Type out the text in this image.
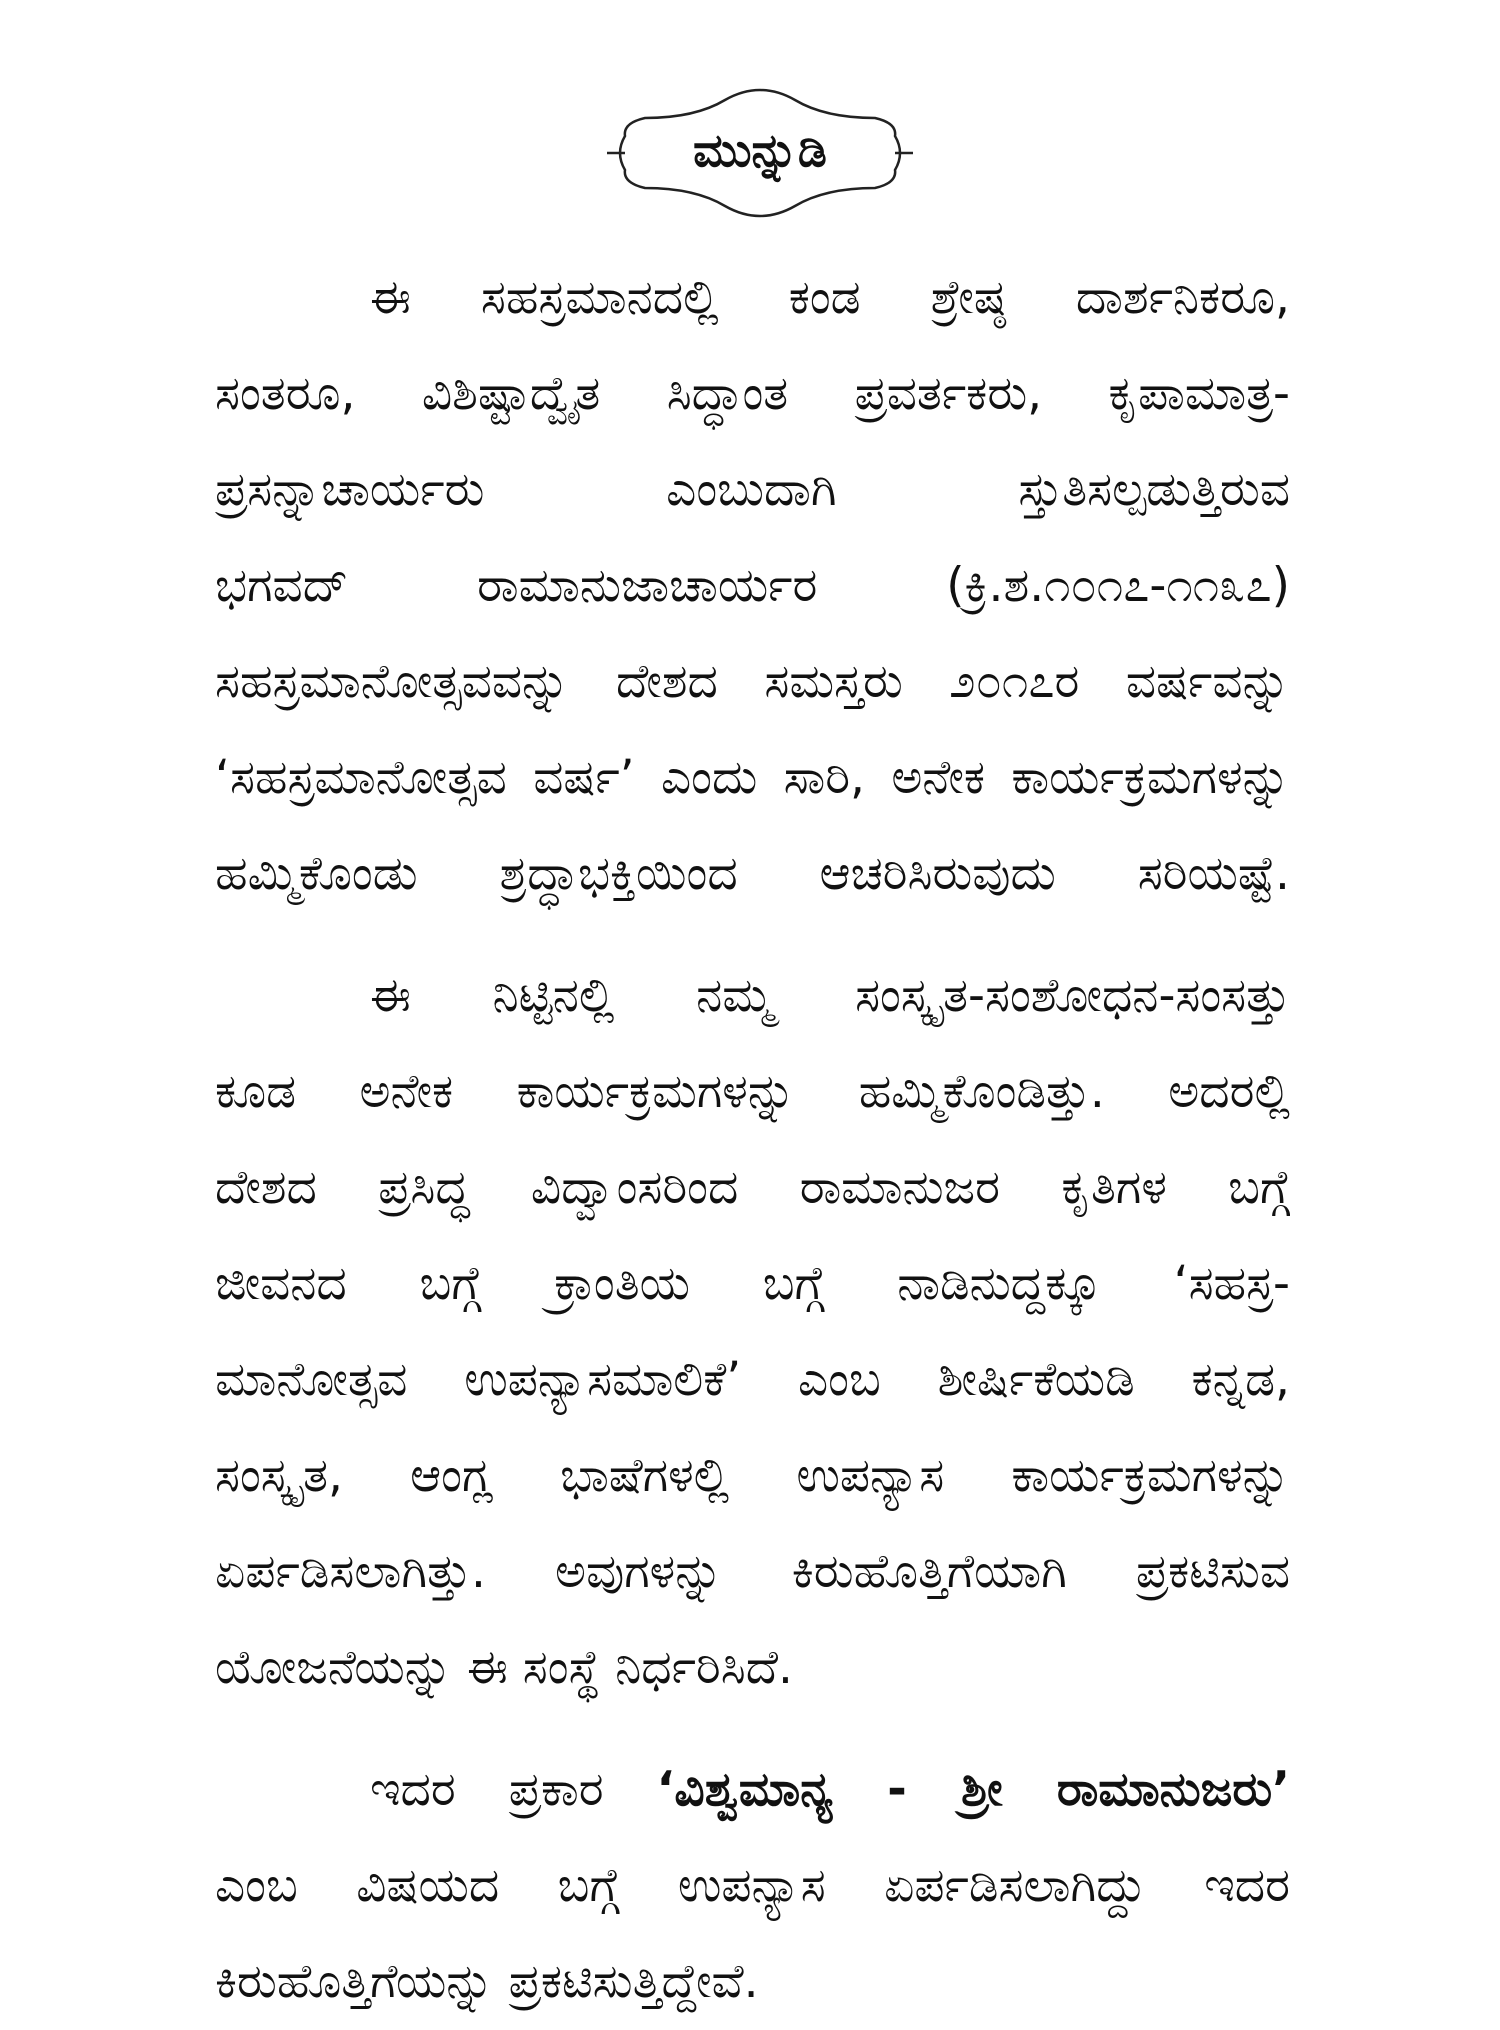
ಮುನ್ನುಡಿ

ಈ ಸಹಸ್ರಮಾನದಲ್ಲಿ ಕಂಡ ಶ್ರೇಷ್ಠ ದಾರ್ಶನಿಕರೂ,
ಸಂತರೂ, ವಿಶಿಷ್ಟಾದ್ವೈತ ಸಿದ್ಧಾಂತ ಪ್ರವರ್ತಕರು, ಕೃಪಾಮಾತ್ರ-
ಪ್ರಸನ್ನಾಚಾರ್ಯರು ಎಂಬುದಾಗಿ ಸ್ತುತಿಸಲ್ಪಡುತ್ತಿರುವ
ಭಗವದ್ ರಾಮಾನುಜಾಚಾರ್ಯರ (ಕ್ರಿ.ಶ.೧೦೧೭-೧೧೩೭)
ಸಹಸ್ರಮಾನೋತ್ಸವವನ್ನು ದೇಶದ ಸಮಸ್ತರು ೨೦೧೭ರ ವರ್ಷವನ್ನು
‘ಸಹಸ್ರಮಾನೋತ್ಸವ ವರ್ಷ’ ಎಂದು ಸಾರಿ, ಅನೇಕ ಕಾರ್ಯಕ್ರಮಗಳನ್ನು
ಹಮ್ಮಿಕೊಂಡು ಶ್ರದ್ಧಾಭಕ್ತಿಯಿಂದ ಆಚರಿಸಿರುವುದು ಸರಿಯಷ್ಟೆ.

ಈ ನಿಟ್ಟಿನಲ್ಲಿ ನಮ್ಮ ಸಂಸ್ಕೃತ-ಸಂಶೋಧನ-ಸಂಸತ್ತು
ಕೂಡ ಅನೇಕ ಕಾರ್ಯಕ್ರಮಗಳನ್ನು ಹಮ್ಮಿಕೊಂಡಿತ್ತು. ಅದರಲ್ಲಿ
ದೇಶದ ಪ್ರಸಿದ್ಧ ವಿದ್ವಾಂಸರಿಂದ ರಾಮಾನುಜರ ಕೃತಿಗಳ ಬಗ್ಗೆ
ಜೀವನದ ಬಗ್ಗೆ ಕ್ರಾಂತಿಯ ಬಗ್ಗೆ ನಾಡಿನುದ್ದಕ್ಕೂ ‘ಸಹಸ್ರ-
ಮಾನೋತ್ಸವ ಉಪನ್ಯಾಸಮಾಲಿಕೆ’ ಎಂಬ ಶೀರ್ಷಿಕೆಯಡಿ ಕನ್ನಡ,
ಸಂಸ್ಕೃತ, ಆಂಗ್ಲ ಭಾಷೆಗಳಲ್ಲಿ ಉಪನ್ಯಾಸ ಕಾರ್ಯಕ್ರಮಗಳನ್ನು
ಏರ್ಪಡಿಸಲಾಗಿತ್ತು. ಅವುಗಳನ್ನು ಕಿರುಹೊತ್ತಿಗೆಯಾಗಿ ಪ್ರಕಟಿಸುವ
ಯೋಜನೆಯನ್ನು ಈ ಸಂಸ್ಥೆ ನಿರ್ಧರಿಸಿದೆ.

ಇದರ ಪ್ರಕಾರ ‘ವಿಶ್ವಮಾನ್ಯ - ಶ್ರೀ ರಾಮಾನುಜರು’
ಎಂಬ ವಿಷಯದ ಬಗ್ಗೆ ಉಪನ್ಯಾಸ ಏರ್ಪಡಿಸಲಾಗಿದ್ದು ಇದರ
ಕಿರುಹೊತ್ತಿಗೆಯನ್ನು ಪ್ರಕಟಿಸುತ್ತಿದ್ದೇವೆ.
